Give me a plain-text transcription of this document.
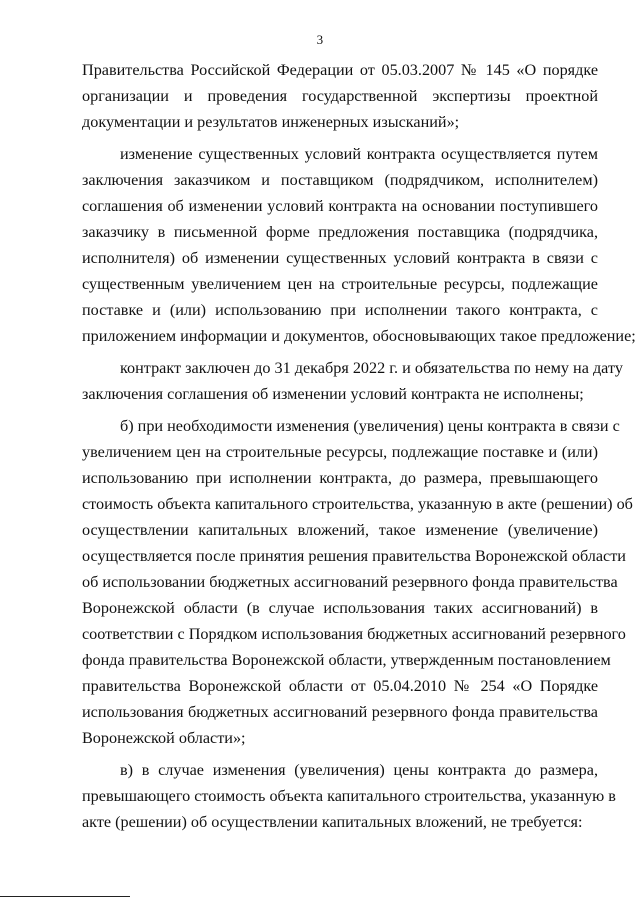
3
Правительства Российской Федерации от 05.03.2007 № 145 «О порядке
организации и проведения государственной экспертизы проектной
документации и результатов инженерных изысканий»;
изменение существенных условий контракта осуществляется путем
заключения заказчиком и поставщиком (подрядчиком, исполнителем)
соглашения об изменении условий контракта на основании поступившего
заказчику в письменной форме предложения поставщика (подрядчика,
исполнителя) об изменении существенных условий контракта в связи с
существенным увеличением цен на строительные ресурсы, подлежащие
поставке и (или) использованию при исполнении такого контракта, с
приложением информации и документов, обосновывающих такое предложение;
контракт заключен до 31 декабря 2022 г. и обязательства по нему на дату
заключения соглашения об изменении условий контракта не исполнены;
б) при необходимости изменения (увеличения) цены контракта в связи с
увеличением цен на строительные ресурсы, подлежащие поставке и (или)
использованию при исполнении контракта, до размера, превышающего
стоимость объекта капитального строительства, указанную в акте (решении) об
осуществлении капитальных вложений, такое изменение (увеличение)
осуществляется после принятия решения правительства Воронежской области
об использовании бюджетных ассигнований резервного фонда правительства
Воронежской области (в случае использования таких ассигнований) в
соответствии с Порядком использования бюджетных ассигнований резервного
фонда правительства Воронежской области, утвержденным постановлением
правительства Воронежской области от 05.04.2010 № 254 «О Порядке
использования бюджетных ассигнований резервного фонда правительства
Воронежской области»;
в) в случае изменения (увеличения) цены контракта до размера,
превышающего стоимость объекта капитального строительства, указанную в
акте (решении) об осуществлении капитальных вложений, не требуется:
